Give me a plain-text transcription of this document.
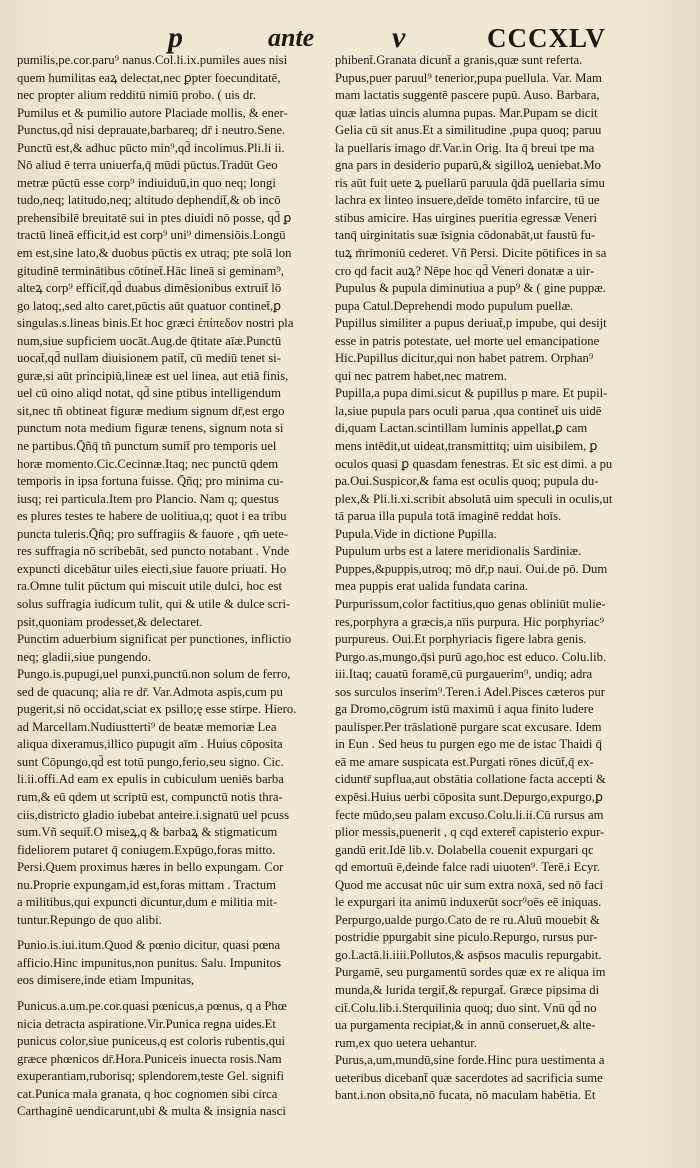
p	ante	v	CCCXLV
pumilis,pe.cor.paru⁹ nanus.Col.li.ix.pumiles aues nisi
quem humilitas eaꝝ delectat,nec ꝑpter foecunditatē,
nec propter alium redditū nimiū probo. ( uis dr.
Pumilus et & pumilio autore Placiade mollis, & ener-
Punctus,qd̄ nisi deprauate,barbareq; dr̄ i neutro.Sene.
Punctū est,& adhuc pūcto min⁹,qd̄ incolimus.Pli.li ii.
Nō aliud ē terra uniuerfa,q̄ mūdi pūctus.Tradūt Geo
metræ pūctū esse corp⁹ indiuiduū,in quo neq; longi
tudo,neq; latitudo,neq; altitudo dephendit̄,& ob incō
prehensibilē breuitatē sui in ptes diuidi nō posse, qd̄ ꝑ
tractū lineā efficit,id est corp⁹ uni⁹ dimensiōis.Longū
em est,sine lato,& duobus pūctis ex utraq; pte solā lon
gitudinē terminātibus cōtinet̄.Hāc lineā si geminam⁹,
alteꝝ corp⁹ efficit̄,qd̄ duabus dimēsionibus extruit̄ lō
go latoq;,sed alto caret,pūctis aūt quatuor continet̄,ꝑ
singulas.s.lineas binis.Et hoc græci ἐπίπεδον nostri pla
num,siue supficiem uocāt.Aug.de q̄titate aīæ.Punctū
uocat̄,qd̄ nullam diuisionem patit̄, cū mediū tenet si-
guræ,si aūt principiū,lineæ est uel linea, aut etiā finis,
uel cū oino aliqd notat, qd̄ sine ptibus intelligendum
sit,nec tñ obtineat figuræ medium signum dr̄,est ergo
punctum nota medium figuræ tenens, signum nota si
ne partibus.Q̄ñq̄ tñ punctum sumit̄ pro temporis uel
horæ momento.Cic.Cecinnæ.Itaq; nec punctū qdem
temporis in ipsa fortuna fuisse. Q̄ñq; pro minima cu-
iusq; rei particula.Item pro Plancio. Nam q; questus
es plures testes te habere de uolitiua,q; quot i ea tribu
puncta tuleris.Q̄ñq; pro suffragiis & fauore , qm̄ uete-
res suffragia nō scribebāt, sed puncto notabant . Vnde
expuncti dicebātur uiles eiecti,siue fauore priuati. Ho
ra.Omne tulit pūctum qui miscuit utile dulci, hoc est
solus suffragia iudicum tulit, qui & utile & dulce scri-
psit,quoniam prodesset,& delectaret.
Punctim aduerbium significat per punctiones, inflictio
neq; gladii,siue pungendo.
Pungo.is.pupugi,uel punxi,punctū.non solum de ferro,
sed de quacunq; alia re dr̄. Var.Admota aspis,cum pu
pugerit,si nō occidat,sciat ex psillo;ę esse stirpe. Hiero.
ad Marcellam.Nudiustterti⁹ de beatæ memoriæ Lea
aliqua dixeramus,illico pupugit aīm . Huius cōposita
sunt Cōpungo,qd̄ est totū pungo,ferio,seu signo. Cic.
li.ii.offi.Ad eam ex epulis in cubiculum ueniēs barba
rum,& eū qdem ut scriptū est, compunctū notis thra-
ciis,districto gladio iubebat anteire.i.signatū uel pcuss
sum.Vñ sequit̄.O miseꝝ,q & barbaꝝ & stigmaticum
fideliorem putaret q̄ coniugem.Expūgo,foras mitto.
Persi.Quem proximus hæres in bello expungam. Cor
nu.Proprie expungam,id est,foras mittam . Tractum
a militibus,qui expuncti dicuntur,dum e militia mit-
tuntur.Repungo de quo alibi.
Punio.is.iui.itum.Quod & pœnio dicitur, quasi pœna
afficio.Hinc impunitus,non punitus. Salu. Impunitos
eos dimisere,inde etiam Impunitas,
Punicus.a.um.pe.cor.quasi pœnicus,a pœnus, q a Phœ
nicia detracta aspiratione.Vir.Punica regna uides.Et
punicus color,siue puniceus,q est coloris rubentis,qui
græce phœnicos dr̄.Hora.Puniceis inuecta rosis.Nam
exuperantiam,ruborisq; splendorem,teste Gel. signifi
cat.Punica mala granata, q hoc cognomen sibi circa
Carthaginē uendicarunt,ubi & multa & insignia nasci
phibent̄.Granata dicunt̄ a granis,quæ sunt referta.
Pupus,puer paruul⁹ tenerior,pupa puellula. Var. Mam
mam lactatis suggentē pascere pupū. Auso. Barbara,
quæ latias uincis alumna pupas. Mar.Pupam se dicit
Gelia cū sit anus.Et a similitudine ,pupa quoq; paruu
la puellaris imago dr̄.Var.in Orig. Ita q̄ breui tpe ma
gna pars in desiderio puparū,& sigilloꝝ ueniebat.Mo
ris aūt fuit uete ꝝ puellarū paruula q̄dā puellaria simu
lachra ex linteo insuere,deīde tomēto infarcire, tū ue
stibus amicire. Has uirgines pueritia egressæ Veneri
tanq̄ uirginitatis suæ īsignia cōdonabāt,ut faustū fu-
tuꝝ m̄rimoniū cederet. Vñ Persi. Dicite pōtifices in sa
cro qd facit auꝝ? Nēpe hoc qd̄ Veneri donatæ a uir-
Pupulus & pupula diminutiua a pup⁹ & ( gine puppæ.
pupa Catul.Deprehendi modo pupulum puellæ.
Pupillus similiter a pupus deriuat̄,p impube, qui desijt
esse in patris potestate, uel morte uel emancipatione
Hic.Pupillus dicitur,qui non habet patrem. Orphan⁹
qui nec patrem habet,nec matrem.
Pupilla,a pupa dimi.sicut & pupillus p mare. Et pupil-
la,siue pupula pars oculi parua ,qua continet̄ uis uidē
di,quam Lactan.scintillam luminis appellat,ꝑ cam
mens intēdit,ut uideat,transmittitq; uim uisibilem, ꝑ
oculos quasi ꝑ quasdam fenestras. Et sic est dimi. a pu
pa.Oui.Suspicor,& fama est oculis quoq; pupula du-
plex,& Pli.li.xi.scribit absolutā uim speculi in oculis,ut
tā parua illa pupula totā imaginē reddat hoīs.
Pupula.Vide in dictione Pupilla.
Pupulum urbs est a latere meridionalis Sardiniæ.
Puppes,&puppis,utroq; mō dr̄,p naui. Oui.de pō. Dum
mea puppis erat ualida fundata carina.
Purpurissum,color factitius,quo genas obliniūt mulie-
res,porphyra a græcis,a nīis purpura. Hic porphyriac⁹
purpureus. Oui.Et porphyriacis figere labra genis.
Purgo.as,mungo,q̄si purū ago,hoc est educo. Colu.lib.
iii.Itaq; cauatū foramē,cū purgauerim⁹, undiq; adra
sos surculos inserim⁹.Teren.i Adel.Pisces cæteros pur
ga Dromo,cōgrum istū maximū i aqua finito ludere
paulisper.Per trāslationē purgare scat excusare. Idem
in Eun . Sed heus tu purgen ego me de istac Thaidi q̄
eā me amare suspicata est.Purgati rōnes dicūt̄,q̄ ex-
ciduntr̄ supflua,aut obstātia collatione facta accepti &
expēsi.Huius uerbi cōposita sunt.Depurgo,expurgo,ꝑ
fecte mūdo,seu palam excuso.Colu.li.ii.Cū rursus am
plior messis,puenerit , q cqd exteret̄ capisterio expur-
gandū erit.Idē lib.v. Dolabella couenit expurgari qc
qd emortuū ē,deinde falce radi uiuoten⁹. Terē.i Ecyr.
Quod me accusat nūc uir sum extra noxā, sed nō faci
le expurgari ita animū induxerūt socr⁹oēs eē iniquas.
Perpurgo,ualde purgo.Cato de re ru.Aluū mouebit &
postridie ppurgabit sine piculo.Repurgo, rursus pur-
go.Lactā.li.iiii.Pollutos,& asp̄sos maculis repurgabit.
Purgamē, seu purgamentū sordes quæ ex re aliqua im
munda,& lurida tergit̄,& repurgat̄. Græce pipsima di
cit̄.Colu.lib.i.Sterquilinia quoq; duo sint. Vnū qd̄ no
ua purgamenta recipiat,& in annū conseruet,& alte-
rum,ex quo uetera uehantur.
Purus,a,um,mundū,sine forde.Hinc pura uestimenta a
ueteribus dicebant̄ quæ sacerdotes ad sacrificia sume
bant.i.non obsita,nō fucata, nō maculam habētia. Et
